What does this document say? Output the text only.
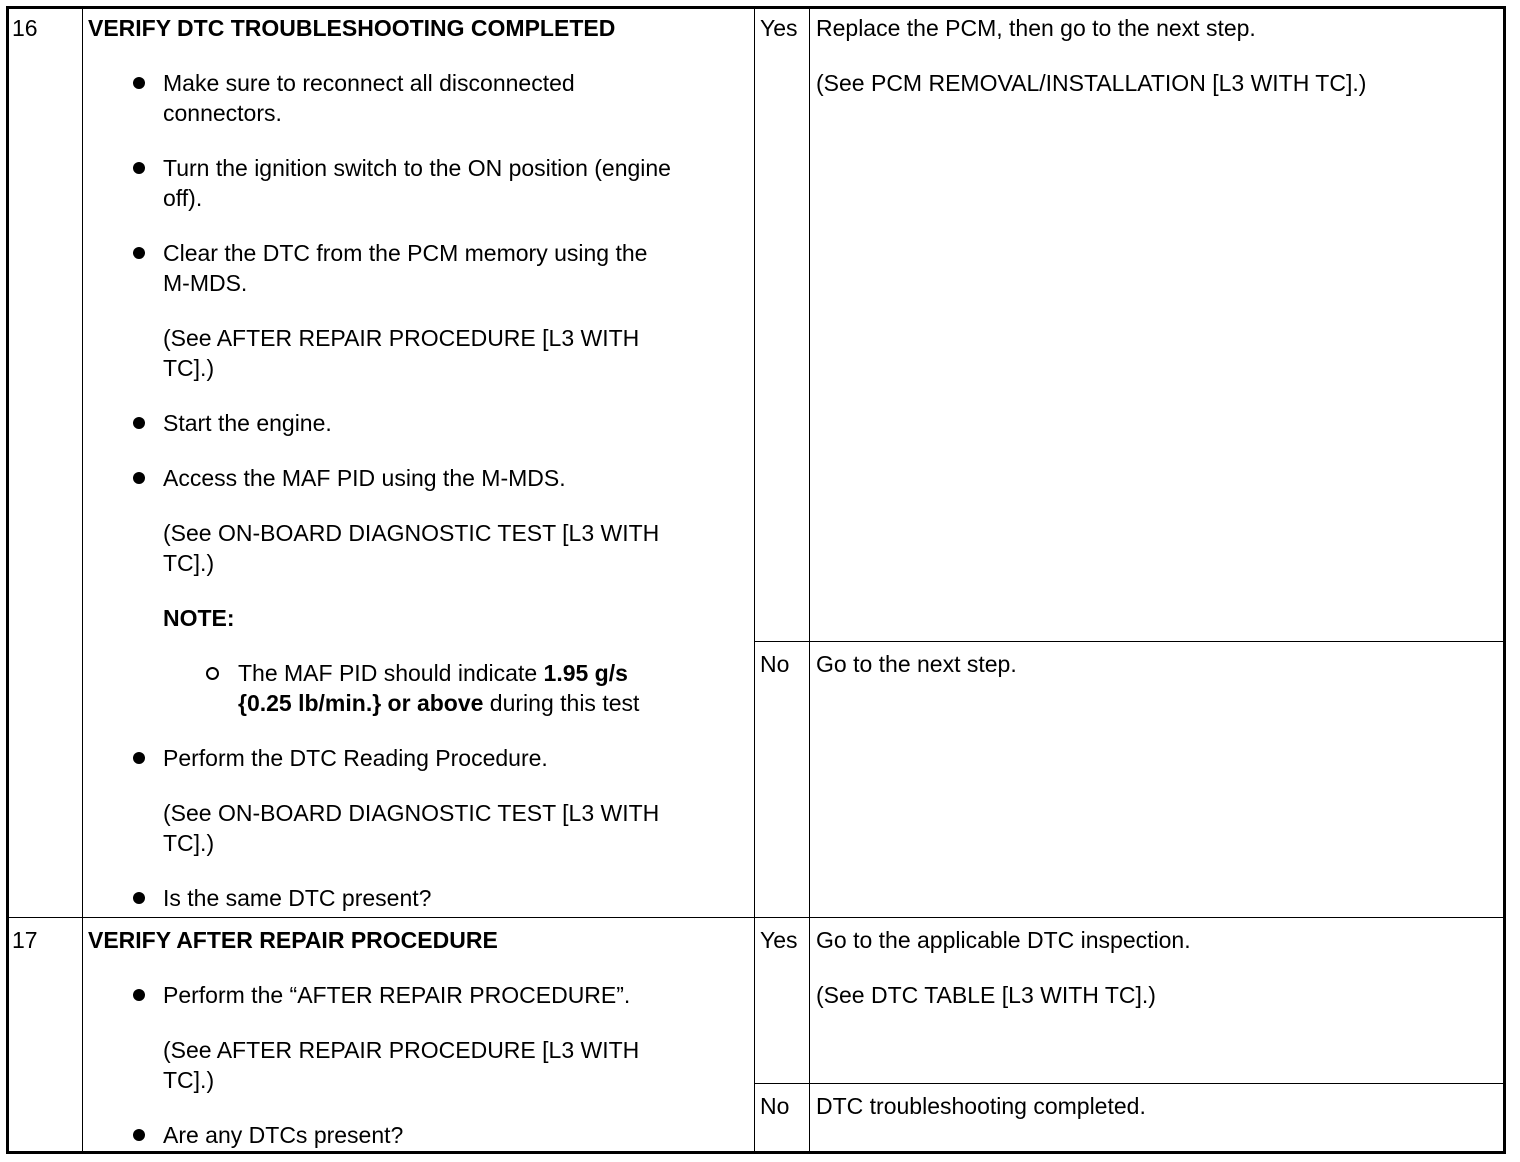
16 VERIFY DTC TROUBLESHOOTING COMPLETED
Make sure to reconnect all disconnected
connectors.
Turn the ignition switch to the ON position (engine
off).
Clear the DTC from the PCM memory using the
M-MDS.
(See AFTER REPAIR PROCEDURE [L3 WITH
TC].)
Start the engine.
Access the MAF PID using the M-MDS.
(See ON-BOARD DIAGNOSTIC TEST [L3 WITH
TC].)
NOTE:
The MAF PID should indicate 1.95 g/s
{0.25 lb/min.} or above during this test
Perform the DTC Reading Procedure.
(See ON-BOARD DIAGNOSTIC TEST [L3 WITH
TC].)
Is the same DTC present?
Yes Replace the PCM, then go to the next step.
(See PCM REMOVAL/INSTALLATION [L3 WITH TC].)
No Go to the next step.
17 VERIFY AFTER REPAIR PROCEDURE
Perform the “AFTER REPAIR PROCEDURE”.
(See AFTER REPAIR PROCEDURE [L3 WITH
TC].)
Are any DTCs present?
Yes Go to the applicable DTC inspection.
(See DTC TABLE [L3 WITH TC].)
No DTC troubleshooting completed.
